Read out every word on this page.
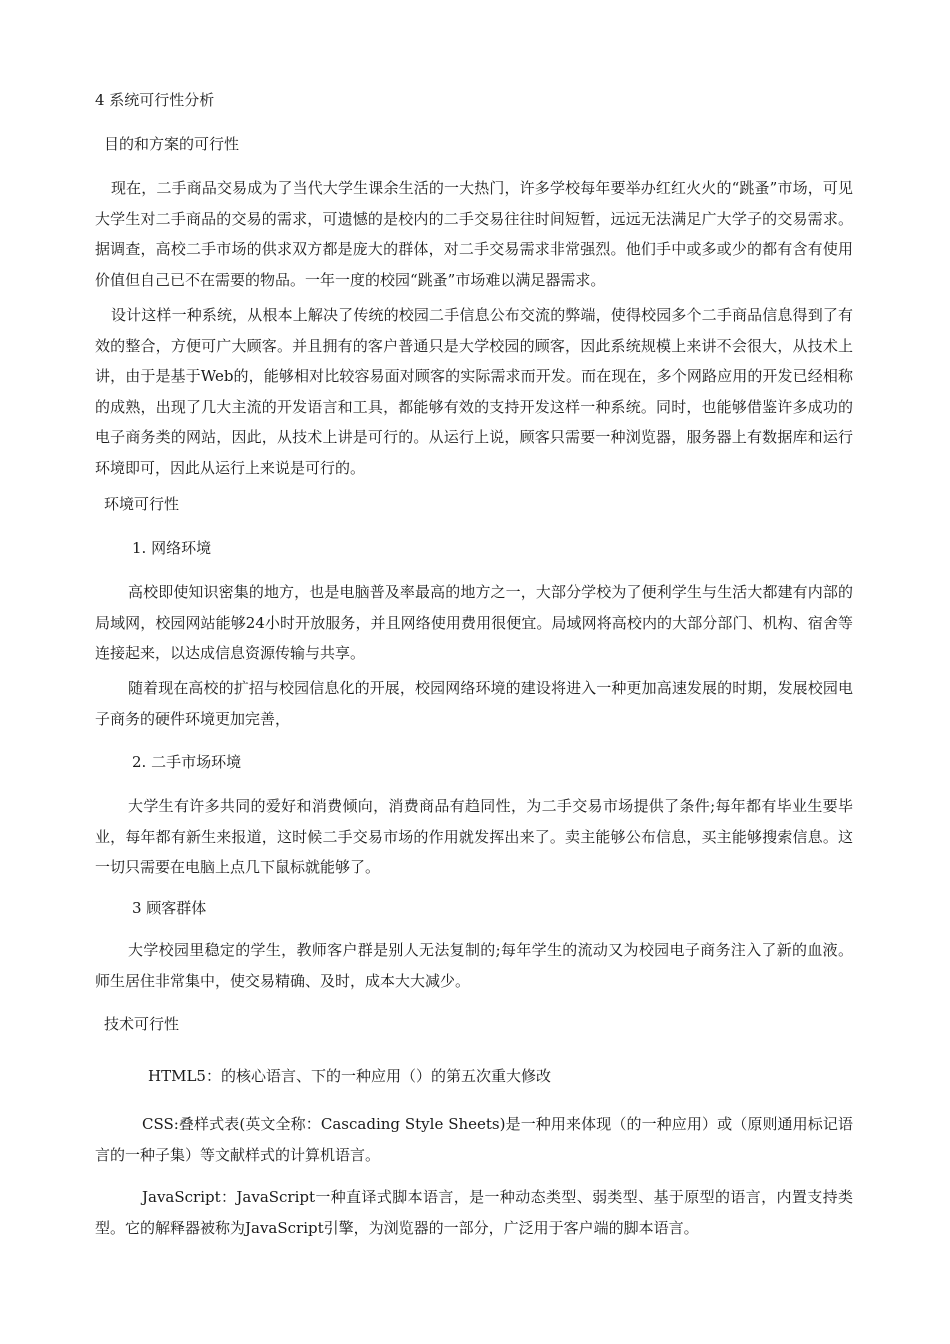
4 系统可行性分析

目的和方案的可行性

现在，二手商品交易成为了当代大学生课余生活的一大热门，许多学校每年要举办红红火火的“跳蚤”市场，可见大学生对二手商品的交易的需求，可遗憾的是校内的二手交易往往时间短暂，远远无法满足广大学子的交易需求。据调查，高校二手市场的供求双方都是庞大的群体，对二手交易需求非常强烈。他们手中或多或少的都有含有使用价值但自己已不在需要的物品。一年一度的校园“跳蚤”市场难以满足器需求。

设计这样一种系统，从根本上解决了传统的校园二手信息公布交流的弊端，使得校园多个二手商品信息得到了有效的整合，方便可广大顾客。并且拥有的客户普通只是大学校园的顾客，因此系统规模上来讲不会很大，从技术上讲，由于是基于Web的，能够相对比较容易面对顾客的实际需求而开发。而在现在，多个网路应用的开发已经相称的成熟，出现了几大主流的开发语言和工具，都能够有效的支持开发这样一种系统。同时，也能够借鉴许多成功的电子商务类的网站，因此，从技术上讲是可行的。从运行上说，顾客只需要一种浏览器，服务器上有数据库和运行环境即可，因此从运行上来说是可行的。

环境可行性

1. 网络环境

高校即使知识密集的地方，也是电脑普及率最高的地方之一，大部分学校为了便利学生与生活大都建有内部的局域网，校园网站能够24小时开放服务，并且网络使用费用很便宜。局域网将高校内的大部分部门、机构、宿舍等连接起来，以达成信息资源传输与共享。

随着现在高校的扩招与校园信息化的开展，校园网络环境的建设将进入一种更加高速发展的时期，发展校园电子商务的硬件环境更加完善，

2. 二手市场环境

大学生有许多共同的爱好和消费倾向，消费商品有趋同性，为二手交易市场提供了条件;每年都有毕业生要毕业，每年都有新生来报道，这时候二手交易市场的作用就发挥出来了。卖主能够公布信息，买主能够搜索信息。这一切只需要在电脑上点几下鼠标就能够了。

3 顾客群体

大学校园里稳定的学生，教师客户群是别人无法复制的;每年学生的流动又为校园电子商务注入了新的血液。师生居住非常集中，使交易精确、及时，成本大大减少。

技术可行性

HTML5：的核心语言、下的一种应用（）的第五次重大修改

CSS:叠样式表(英文全称：Cascading Style Sheets)是一种用来体现（的一种应用）或（原则通用标记语言的一种子集）等文献样式的计算机语言。

JavaScript：JavaScript一种直译式脚本语言，是一种动态类型、弱类型、基于原型的语言，内置支持类型。它的解释器被称为JavaScript引擎，为浏览器的一部分，广泛用于客户端的脚本语言。
